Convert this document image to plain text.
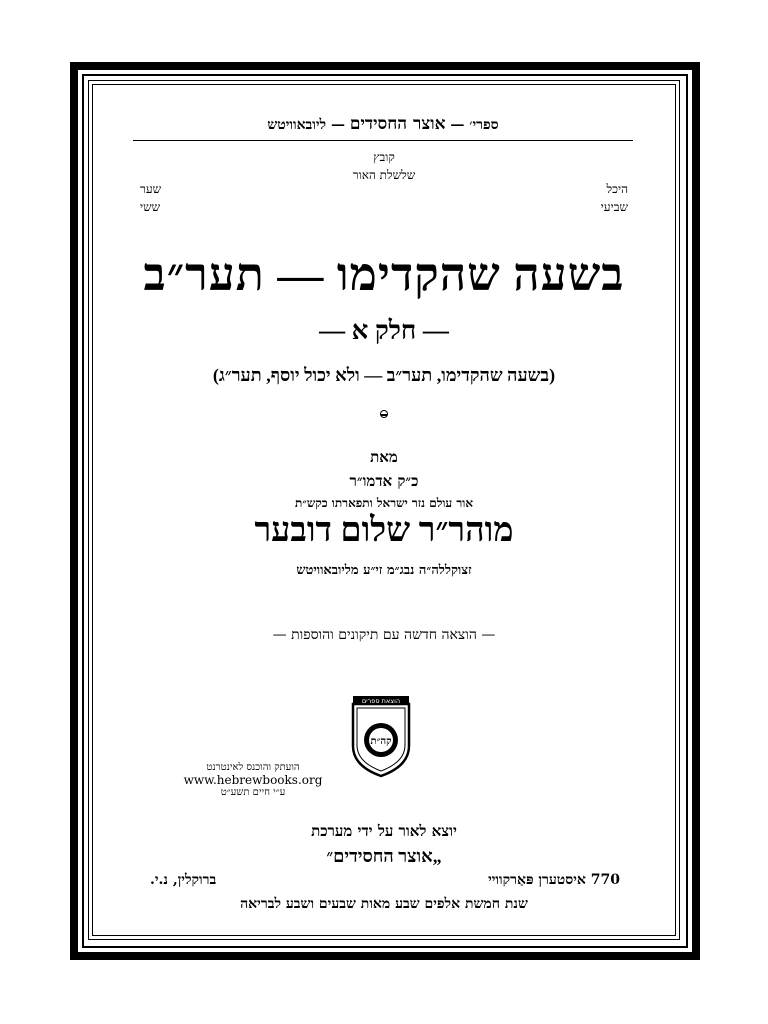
ספרי׳ — אוצר החסידים — ליובאוויטש
קובץ
שלשלת האור
היכל
שביעי
שער
ששי
בשעה שהקדימו — תער״ב
— חלק א —
(בשעה שהקדימו, תער״ב — ולא יכול יוסף, תער״ג)
מאת
כ״ק אדמו״ר
אור עולם נזר ישראל ותפארתו כקש״ת
מוהר״ר שלום דובער
זצוקללה״ה נבג״מ זי״ע מליובאוויטש
— הוצאה חדשה עם תיקונים והוספות —
הוצאת ספרים
קה״ת
הועתק והוכנס לאינטרנט
www.hebrewbooks.org
ע״י חיים תשע״ט
יוצא לאור על ידי מערכת
„אוצר החסידים״
770 איסטערן פּאַרקוויי
ברוקלין, נ.י.
שנת חמשת אלפים שבע מאות שבעים ושבע לבריאה
